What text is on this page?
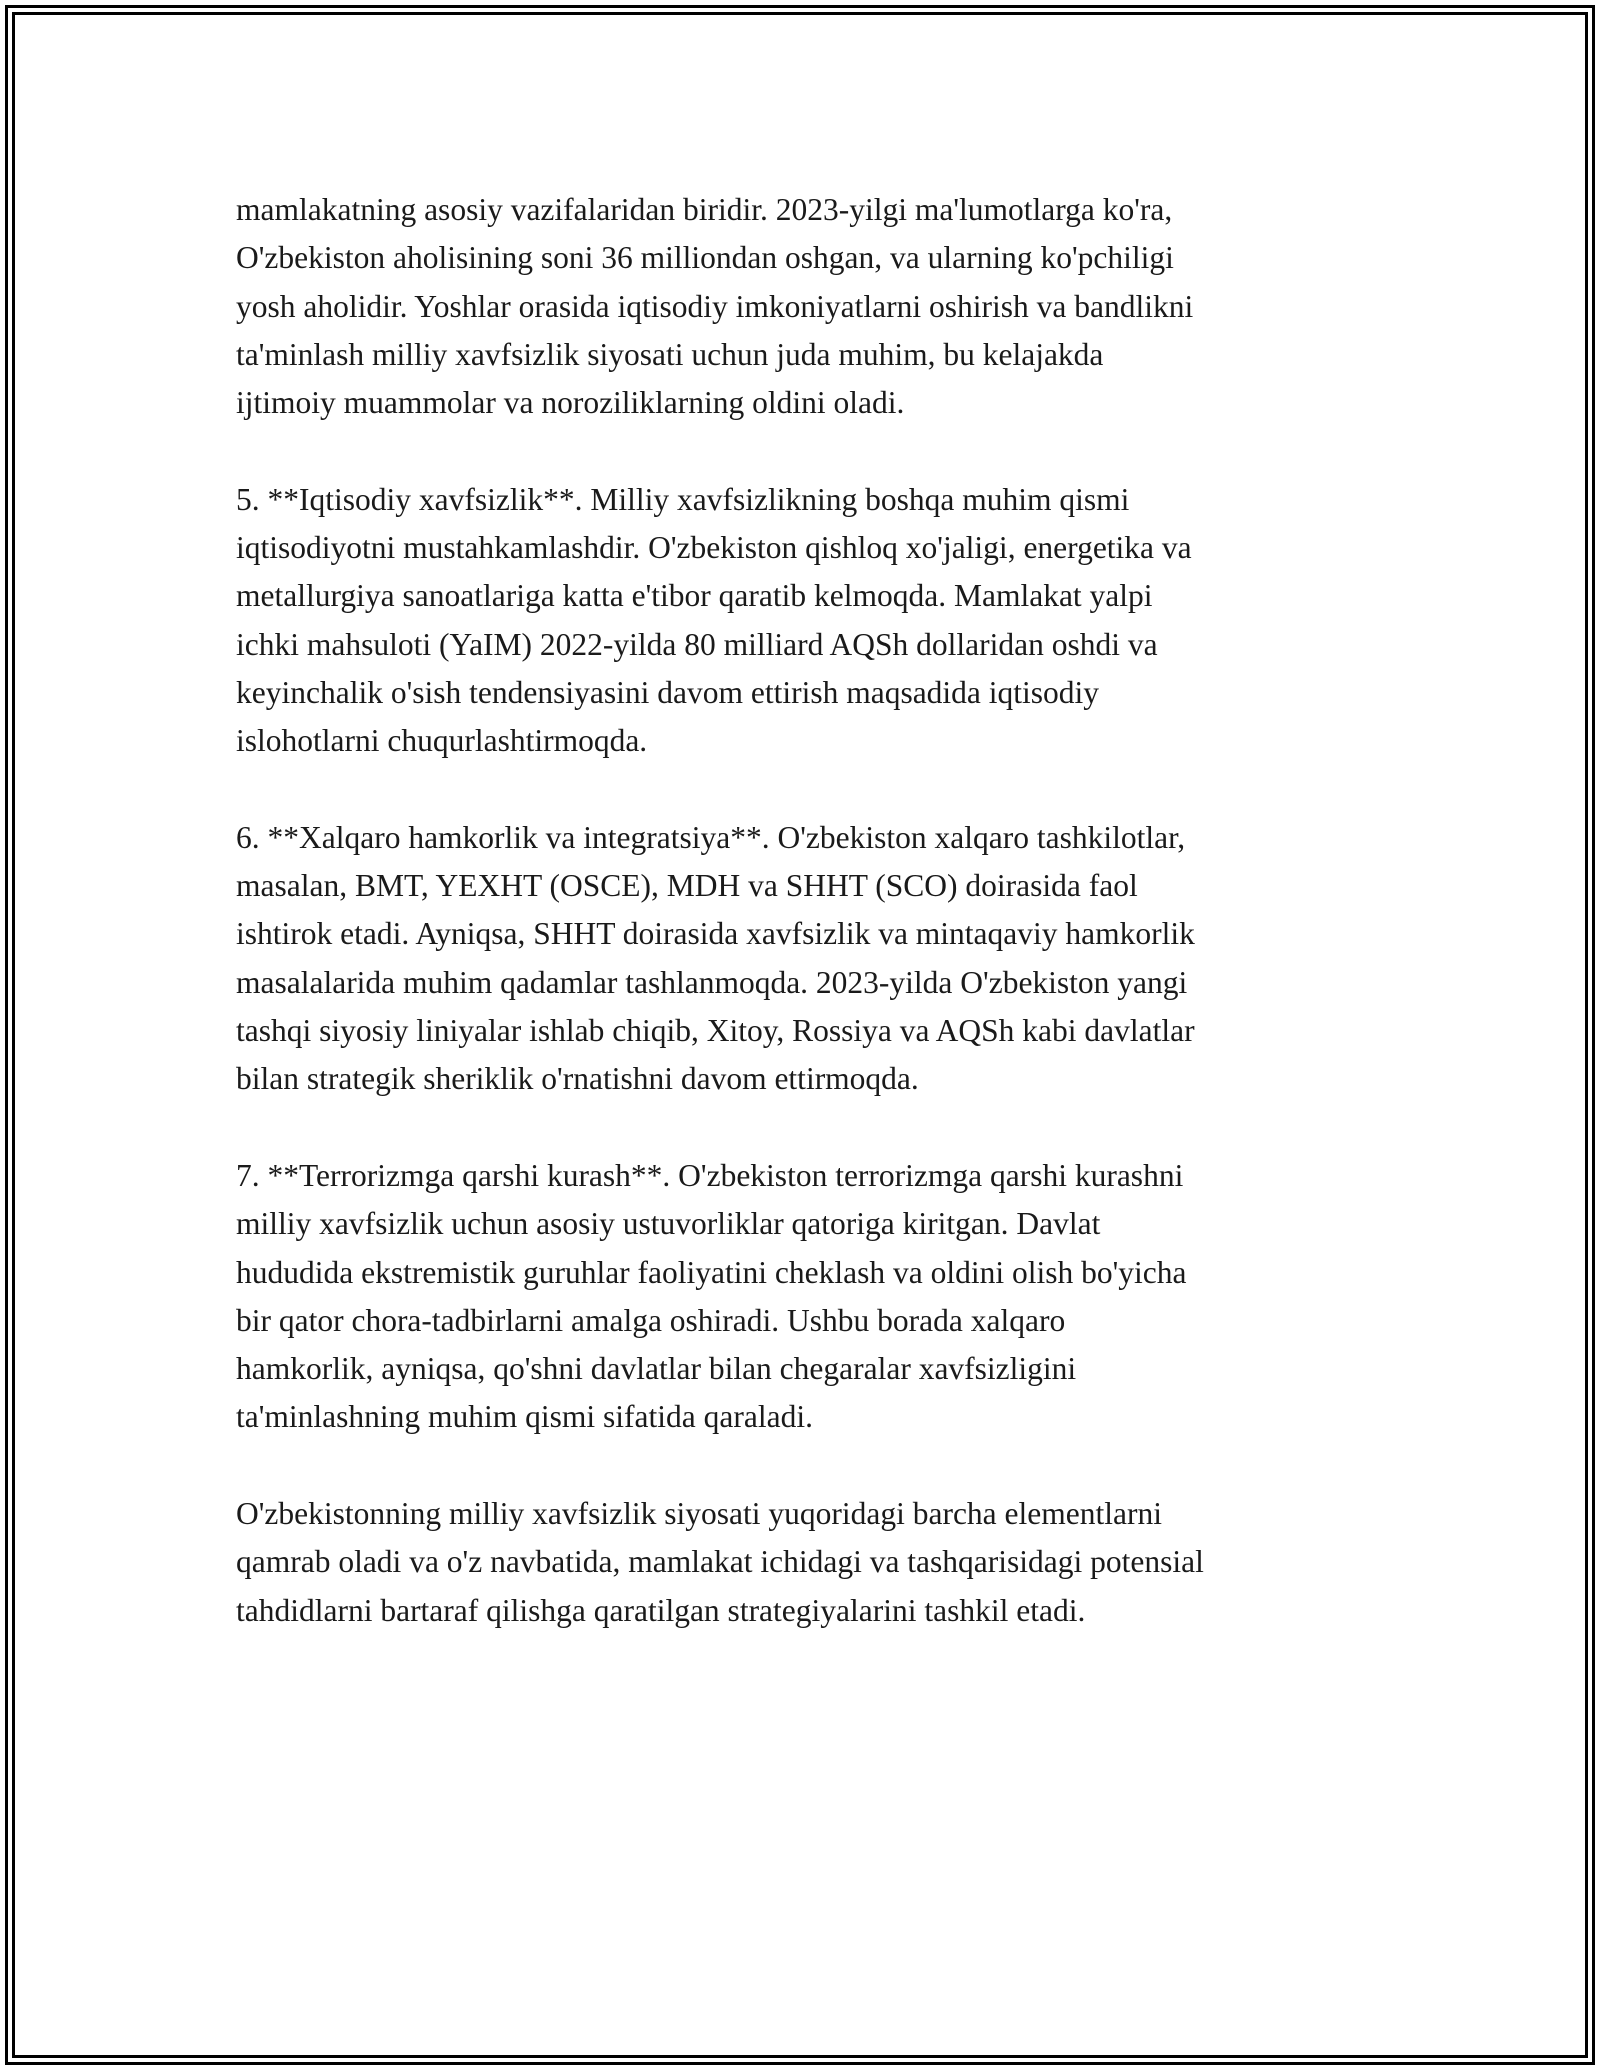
mamlakatning asosiy vazifalaridan biridir. 2023-yilgi ma'lumotlarga ko'ra,
O'zbekiston aholisining soni 36 milliondan oshgan, va ularning ko'pchiligi
yosh aholidir. Yoshlar orasida iqtisodiy imkoniyatlarni oshirish va bandlikni
ta'minlash milliy xavfsizlik siyosati uchun juda muhim, bu kelajakda
ijtimoiy muammolar va noroziliklarning oldini oladi.

5. **Iqtisodiy xavfsizlik**. Milliy xavfsizlikning boshqa muhim qismi
iqtisodiyotni mustahkamlashdir. O'zbekiston qishloq xo'jaligi, energetika va
metallurgiya sanoatlariga katta e'tibor qaratib kelmoqda. Mamlakat yalpi
ichki mahsuloti (YaIM) 2022-yilda 80 milliard AQSh dollaridan oshdi va
keyinchalik o'sish tendensiyasini davom ettirish maqsadida iqtisodiy
islohotlarni chuqurlashtirmoqda.

6. **Xalqaro hamkorlik va integratsiya**. O'zbekiston xalqaro tashkilotlar,
masalan, BMT, YEXHT (OSCE), MDH va SHHT (SCO) doirasida faol
ishtirok etadi. Ayniqsa, SHHT doirasida xavfsizlik va mintaqaviy hamkorlik
masalalarida muhim qadamlar tashlanmoqda. 2023-yilda O'zbekiston yangi
tashqi siyosiy liniyalar ishlab chiqib, Xitoy, Rossiya va AQSh kabi davlatlar
bilan strategik sheriklik o'rnatishni davom ettirmoqda.

7. **Terrorizmga qarshi kurash**. O'zbekiston terrorizmga qarshi kurashni
milliy xavfsizlik uchun asosiy ustuvorliklar qatoriga kiritgan. Davlat
hududida ekstremistik guruhlar faoliyatini cheklash va oldini olish bo'yicha
bir qator chora-tadbirlarni amalga oshiradi. Ushbu borada xalqaro
hamkorlik, ayniqsa, qo'shni davlatlar bilan chegaralar xavfsizligini
ta'minlashning muhim qismi sifatida qaraladi.

O'zbekistonning milliy xavfsizlik siyosati yuqoridagi barcha elementlarni
qamrab oladi va o'z navbatida, mamlakat ichidagi va tashqarisidagi potensial
tahdidlarni bartaraf qilishga qaratilgan strategiyalarini tashkil etadi.
